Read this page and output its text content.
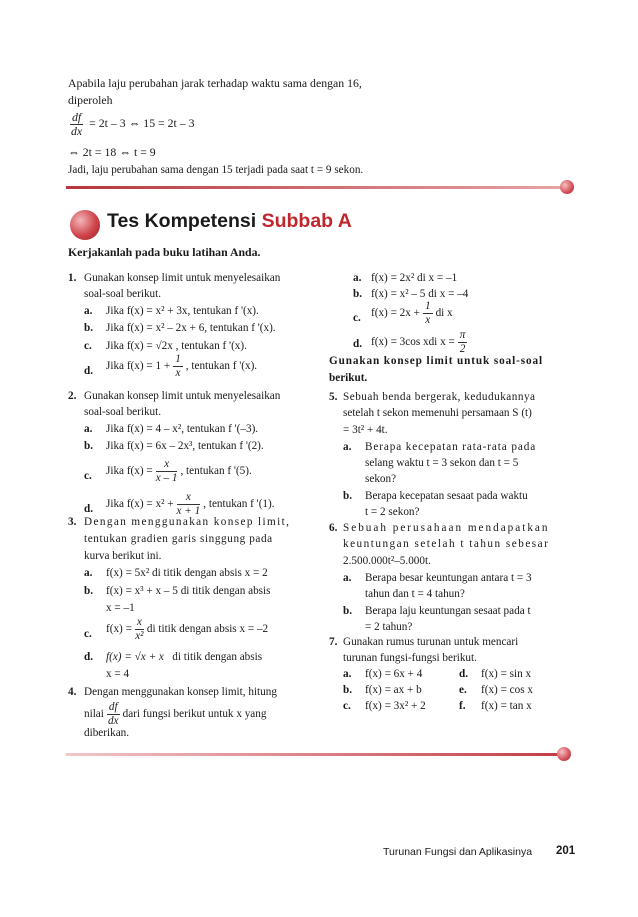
Apabila laju perubahan jarak terhadap waktu sama dengan 16,
diperoleh
$\frac{df}{dx} = 2t - 3$ ⇔ 15 = 2t – 3
⇔ 2t = 18 ⇔ t = 9
Jadi, laju perubahan sama dengan 15 terjadi pada saat t = 9 sekon.
Tes Kompetensi Subbab A
Kerjakanlah pada buku latihan Anda.
1. Gunakan konsep limit untuk menyelesaikan
soal-soal berikut.
a. Jika f(x) = x² + 3x, tentukan f '(x).
b. Jika f(x) = x² – 2x + 6, tentukan f '(x).
c. Jika f(x) = √2x , tentukan f '(x).
d. Jika $f(x) = 1 + \frac{1}{x}$ , tentukan f '(x).
2. Gunakan konsep limit untuk menyelesaikan
soal-soal berikut.
a. Jika f(x) = 4 – x², tentukan f '(–3).
b. Jika f(x) = 6x – 2x³, tentukan f '(2).
c. Jika $f(x) = \frac{x}{x - 1}$ , tentukan f '(5).
d. Jika $f(x) = x^2 + \frac{x}{x + 1}$ , tentukan f '(1).
3. Dengan menggunakan konsep limit,
tentukan gradien garis singgung pada
kurva berikut ini.
a. f(x) = 5x² di titik dengan absis x = 2
b. f(x) = x³ + x – 5 di titik dengan absis
x = –1
c. $f(x) = \frac{x}{\text{x²}}$ di titik dengan absis x = –2
d. f(x) = √x + x di titik dengan absis
x = 4
4. Dengan menggunakan konsep limit, hitung
nilai $\frac{df}{dx}$ dari fungsi berikut untuk x yang
diberikan.
a. f(x) = 2x² di x = –1
b. f(x) = x² – 5 di x = –4
c. $f(x) = 2x + \frac{1}{x}$ di x
d. f(x) = 3cos xdi $x = \frac{\pi}{2}$
Gunakan konsep limit untuk soal-soal
berikut.
5. Sebuah benda bergerak, kedudukannya
setelah t sekon memenuhi persamaan S (t)
= 3t² + 4t.
a. Berapa kecepatan rata-rata pada
selang waktu t = 3 sekon dan t = 5
sekon?
b. Berapa kecepatan sesaat pada waktu
t = 2 sekon?
6. Sebuah perusahaan mendapatkan
keuntungan setelah t tahun sebesar
2.500.000t²–5.000t.
a. Berapa besar keuntungan antara t = 3
tahun dan t = 4 tahun?
b. Berapa laju keuntungan sesaat pada t
= 2 tahun?
7. Gunakan rumus turunan untuk mencari
turunan fungsi-fungsi berikut.
a. f(x) = 6x + 4	d. f(x) = sin x
b. f(x) = ax + b	e. f(x) = cos x
c. f(x) = 3x² + 2	f. f(x) = tan x
Turunan Fungsi dan Aplikasinya 201
